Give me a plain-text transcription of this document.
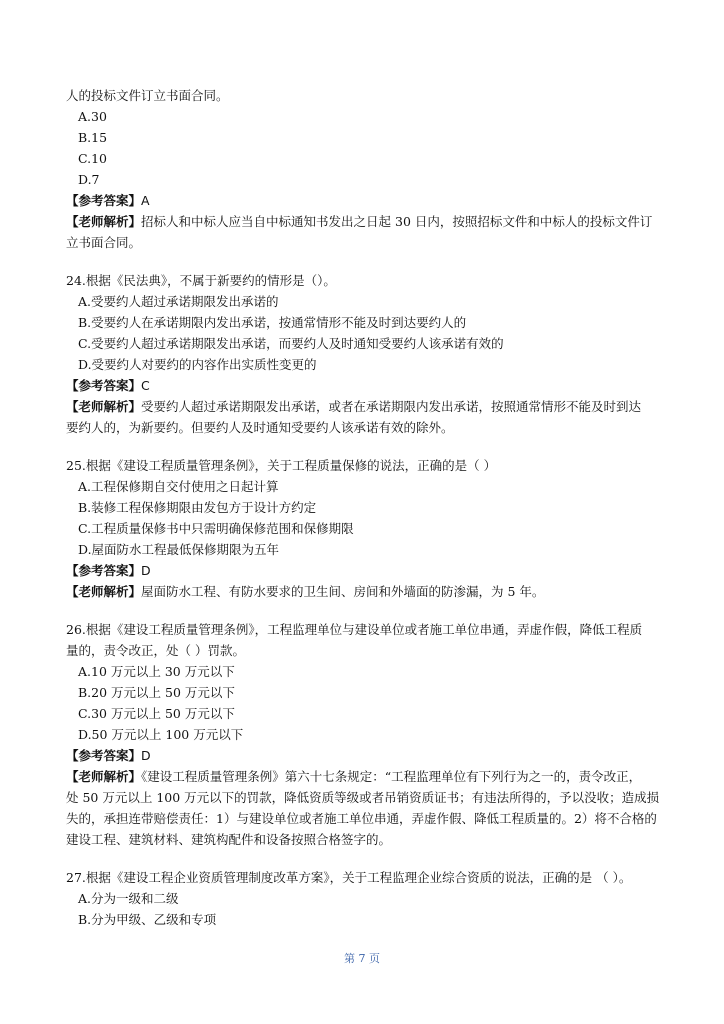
人的投标文件订立书面合同。
A.30
B.15
C.10
D.7
【参考答案】A
【老师解析】招标人和中标人应当自中标通知书发出之日起 30 日内，按照招标文件和中标人的投标文件订
立书面合同。
24.根据《民法典》，不属于新要约的情形是（）。
A.受要约人超过承诺期限发出承诺的
B.受要约人在承诺期限内发出承诺，按通常情形不能及时到达要约人的
C.受要约人超过承诺期限发出承诺，而要约人及时通知受要约人该承诺有效的
D.受要约人对要约的内容作出实质性变更的
【参考答案】C
【老师解析】受要约人超过承诺期限发出承诺，或者在承诺期限内发出承诺，按照通常情形不能及时到达
要约人的，为新要约。但要约人及时通知受要约人该承诺有效的除外。
25.根据《建设工程质量管理条例》，关于工程质量保修的说法，正确的是（ ）
A.工程保修期自交付使用之日起计算
B.装修工程保修期限由发包方于设计方约定
C.工程质量保修书中只需明确保修范围和保修期限
D.屋面防水工程最低保修期限为五年
【参考答案】D
【老师解析】屋面防水工程、有防水要求的卫生间、房间和外墙面的防渗漏，为 5 年。
26.根据《建设工程质量管理条例》，工程监理单位与建设单位或者施工单位串通，弄虚作假，降低工程质
量的，责令改正，处（ ）罚款。
A.10 万元以上 30 万元以下
B.20 万元以上 50 万元以下
C.30 万元以上 50 万元以下
D.50 万元以上 100 万元以下
【参考答案】D
【老师解析】《建设工程质量管理条例》第六十七条规定：“工程监理单位有下列行为之一的，责令改正，
处 50 万元以上 100 万元以下的罚款，降低资质等级或者吊销资质证书；有违法所得的，予以没收；造成损
失的，承担连带赔偿责任：1）与建设单位或者施工单位串通，弄虚作假、降低工程质量的。2）将不合格的
建设工程、建筑材料、建筑构配件和设备按照合格签字的。
27.根据《建设工程企业资质管理制度改革方案》，关于工程监理企业综合资质的说法，正确的是 （ ）。
A.分为一级和二级
B.分为甲级、乙级和专项
第 7 页
